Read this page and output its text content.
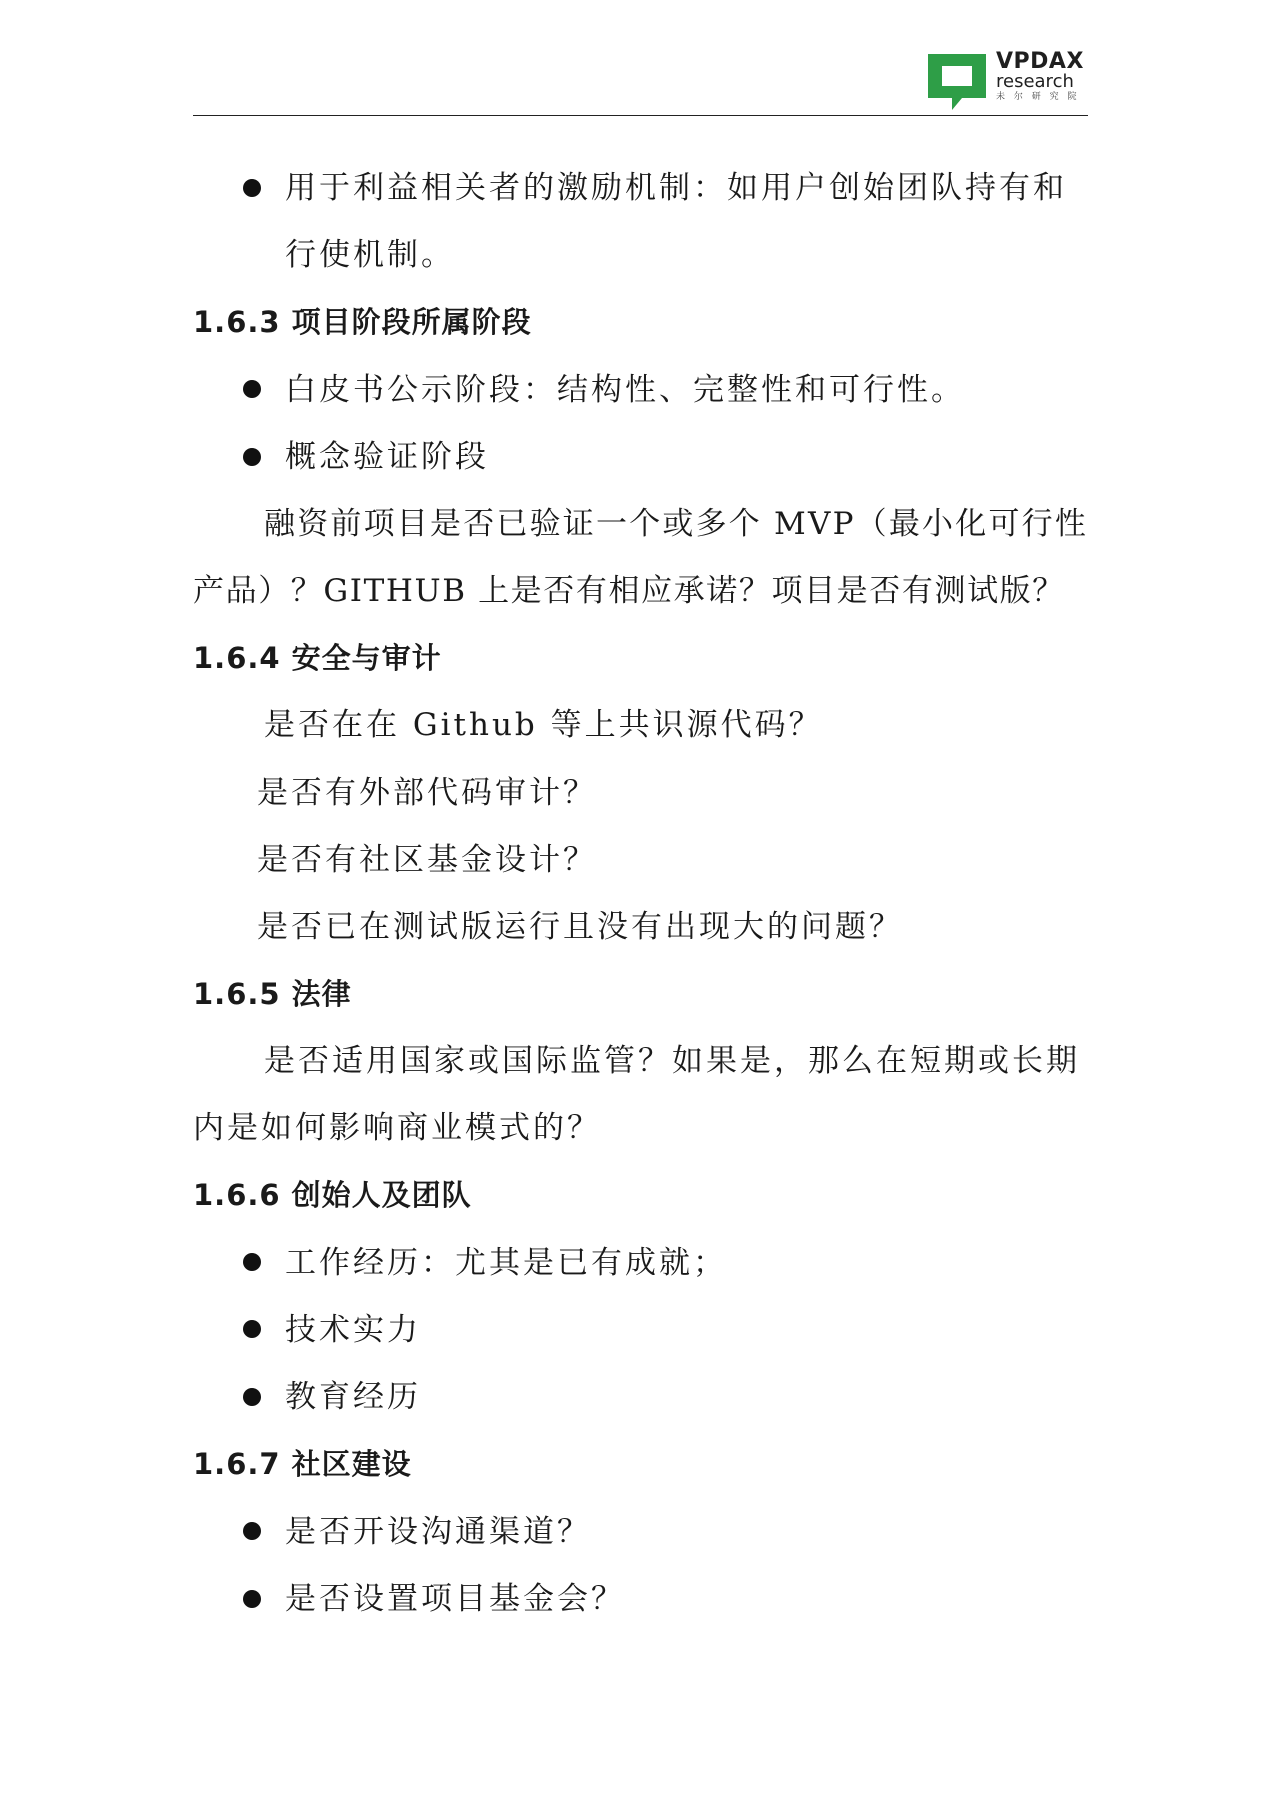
VPDAX
research
未 尔 研 究 院
用于利益相关者的激励机制：如用户创始团队持有和
行使机制。
1.6.3 项目阶段所属阶段
白皮书公示阶段：结构性、完整性和可行性。
概念验证阶段
融资前项目是否已验证一个或多个 MVP（最小化可行性
产品）？GITHUB 上是否有相应承诺？项目是否有测试版？
1.6.4 安全与审计
是否在在 Github 等上共识源代码？
是否有外部代码审计？
是否有社区基金设计？
是否已在测试版运行且没有出现大的问题？
1.6.5 法律
是否适用国家或国际监管？如果是，那么在短期或长期
内是如何影响商业模式的？
1.6.6 创始人及团队
工作经历：尤其是已有成就；
技术实力
教育经历
1.6.7 社区建设
是否开设沟通渠道？
是否设置项目基金会？
